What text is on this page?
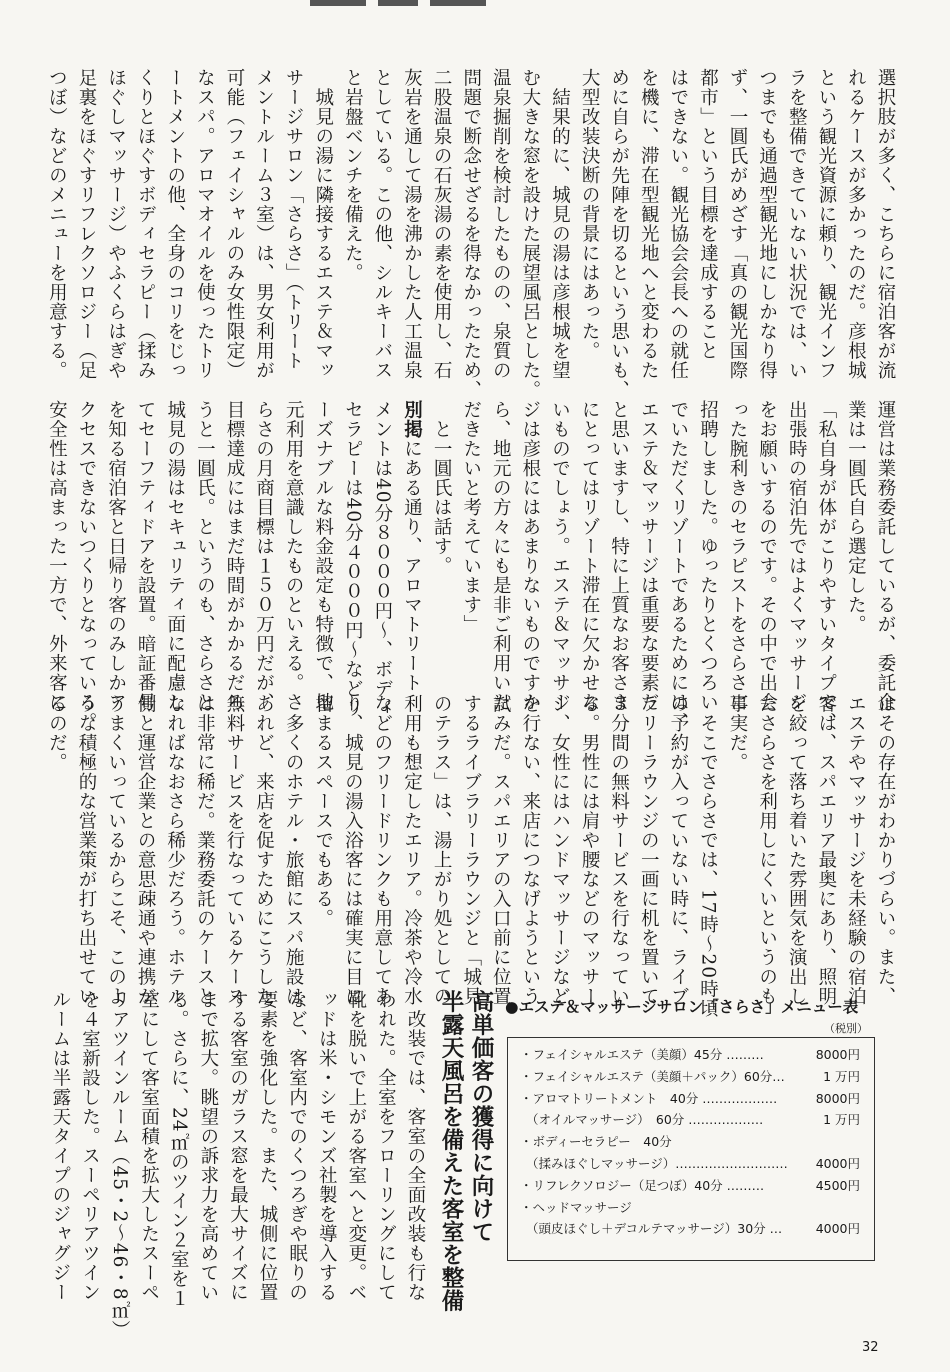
選択肢が多く、こちらに宿泊客が流

れるケースが多かったのだ。彦根城

という観光資源に頼り、観光インフ

ラを整備できていない状況では、い

つまでも通過型観光地にしかなり得

ず、一圓氏がめざす「真の観光国際

都市」という目標を達成すること

はできない。観光協会会長への就任

を機に、滞在型観光地へと変わるた

めに自らが先陣を切るという思いも、

大型改装決断の背景にはあった。

　結果的に、城見の湯は彦根城を望

む大きな窓を設けた展望風呂とした。

温泉掘削を検討したものの、泉質の

問題で断念せざるを得なかったため、

二股温泉の石灰湯の素を使用し、石

灰岩を通して湯を沸かした人工温泉

としている。この他、シルキーバス

と岩盤ベンチを備えた。

　城見の湯に隣接するエステ＆マッ

サージサロン「さらさ」（トリート

メントルーム３室）は、男女利用が

可能（フェイシャルのみ女性限定）

なスパ。アロマオイルを使ったトリ

ートメントの他、全身のコリをじっ

くりとほぐすボディセラピー（揉み

ほぐしマッサージ）やふくらはぎや

足裏をほぐすリフレクソロジー（足

つぼ）などのメニューを用意する。

運営は業務委託しているが、委託企

業は一圓氏自ら選定した。

「私自身が体がこりやすいタイプで、

出張時の宿泊先ではよくマッサージ

をお願いするのです。その中で出会

った腕利きのセラピストをさらさに

招聘しました。ゆったりとくつろい

でいただくリゾートであるためには、

エステ＆マッサージは重要な要素だ

と思いますし、特に上質なお客さま

にとってはリゾート滞在に欠かせな

いものでしょう。エステ＆マッサー

ジは彦根にはあまりないものですか

ら、地元の方々にも是非ご利用いた

だきたいと考えています」

　と一圓氏は話す。

別掲にある通り、アロマトリート

メントは40分８０００円〜、ボディ

セラピーは40分４０００円〜などリ

ーズナブルな料金設定も特徴で、地

元利用を意識したものといえる。さ

らさの月商目標は１５０万円だが、

目標達成にはまだ時間がかかるだろ

うと一圓氏。というのも、さらさと

城見の湯はセキュリティ面に配慮し

てセーフティドアを設置。暗証番号

を知る宿泊客と日帰り客のみしかア

クセスできないつくりとなっている。

安全性は高まった一方で、外来客に

はその存在がわかりづらい。また、

エステやマッサージを未経験の宿泊

客は、スパエリア最奥にあり、照明

を絞って落ち着いた雰囲気を演出し

たさらさを利用しにくいというのも

事実だ。

　そこでさらさでは、17時〜20時頃

の予約が入っていない時に、ライブ

ラリーラウンジの一画に机を置いて

３分間の無料サービスを行なってい

る。男性には肩や腰などのマッサー

ジ、女性にはハンドマッサージなど

を行ない、来店につなげようという

試みだ。スパエリアの入口前に位置

するライブラリーラウンジと「城見

のテラス」は、湯上がり処としての

利用も想定したエリア。冷茶や冷水

などのフリードリンクも用意してあ

り、城見の湯入浴客には確実に目に

留まるスペースでもある。

　多くのホテル・旅館にスパ施設は

あれど、来店を促すためにこうした

無料サービスを行なっているケース

は非常に稀だ。業務委託のケースと

なればなおさら稀少だろう。ホテル

側と運営企業との意思疎通や連携が

うまくいっているからこそ、このよ

うな積極的な営業策が打ち出せてい

るのだ。

　改装では、客室の全面改装も行な

われた。全室をフローリングにして

靴を脱いで上がる客室へと変更。ベ

ッドは米・シモンズ社製を導入する

など、客室内でのくつろぎや眠りの

要素を強化した。また、城側に位置

する客室のガラス窓を最大サイズに

まで拡大。眺望の訴求力を高めてい

る。さらに、24㎡のツイン２室を１

室にして客室面積を拡大したスーペ

リアツインルーム（45・2〜46・8㎡）

を４室新設した。スーペリアツイン

ルームは半露天タイプのジャグジー	高単価客の獲得に向けて
半露天風呂を備えた客室を整備	●エステ＆マッサージサロン「さらさ」メニュー表
（税別）
・フェイシャルエステ（美顔）45分 ………	8000円
・フェイシャルエステ（美顔＋パック）60分…	1 万円
・アロマトリートメント　40分 ………………	8000円
（オイルマッサージ）　60分 ………………	1 万円
・ボディーセラピー　40分
（揉みほぐしマッサージ）……………………… 4000円
・リフレクソロジー（足つぼ）40分 ………	4500円
・ヘッドマッサージ
（頭皮ほぐし＋デコルテマッサージ）30分 …	4000円
32
